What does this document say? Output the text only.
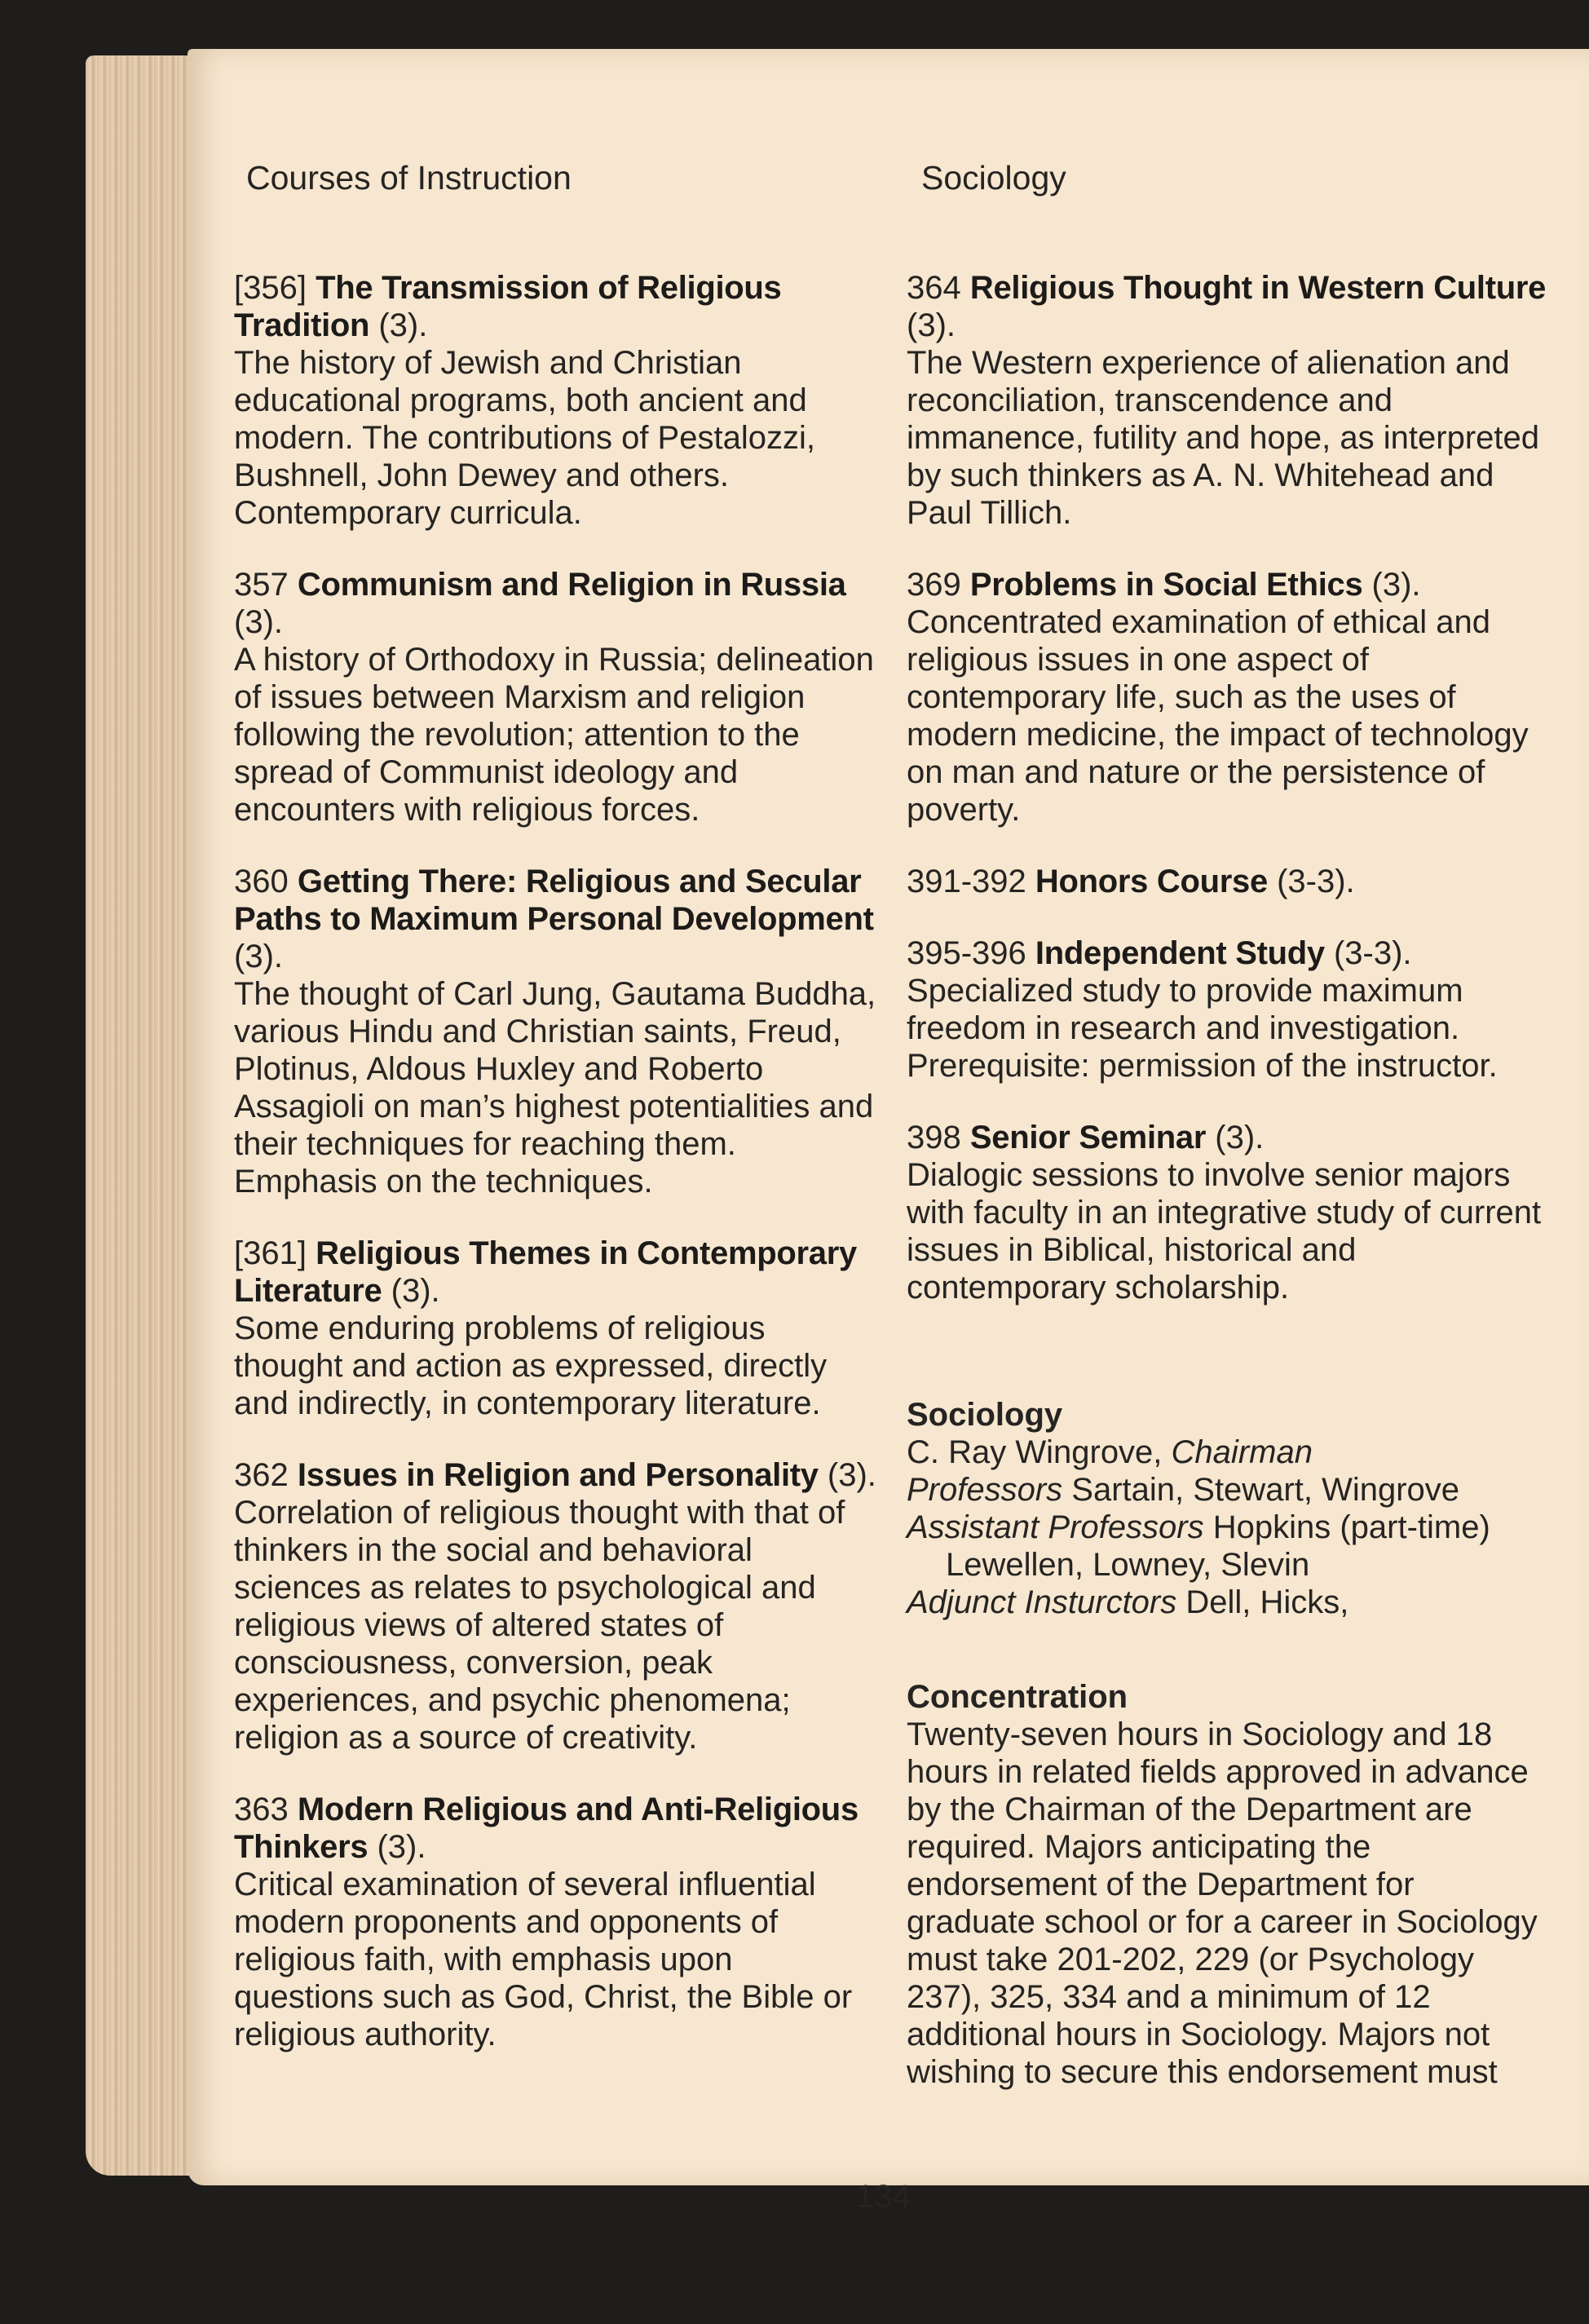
Courses of Instruction	Sociology
[356] The Transmission of Religious Tradition (3).
The history of Jewish and Christian educational programs, both ancient and modern. The contributions of Pestalozzi, Bushnell, John Dewey and others. Contemporary curricula.
357 Communism and Religion in Russia (3).
A history of Orthodoxy in Russia; delineation of issues between Marxism and religion following the revolution; attention to the spread of Communist ideology and encounters with religious forces.
360 Getting There: Religious and Secular Paths to Maximum Personal Development (3).
The thought of Carl Jung, Gautama Buddha, various Hindu and Christian saints, Freud, Plotinus, Aldous Huxley and Roberto Assagioli on man’s highest potentialities and their techniques for reaching them. Emphasis on the techniques.
[361] Religious Themes in Contemporary Literature (3).
Some enduring problems of religious thought and action as expressed, directly and indirectly, in contemporary literature.
362 Issues in Religion and Personality (3).
Correlation of religious thought with that of thinkers in the social and behavioral sciences as relates to psychological and religious views of altered states of consciousness, conversion, peak experiences, and psychic phenomena; religion as a source of creativity.
363 Modern Religious and Anti-Religious Thinkers (3).
Critical examination of several influential modern proponents and opponents of religious faith, with emphasis upon questions such as God, Christ, the Bible or religious authority.
364 Religious Thought in Western Culture (3).
The Western experience of alienation and reconciliation, transcendence and immanence, futility and hope, as interpreted by such thinkers as A. N. Whitehead and Paul Tillich.
369 Problems in Social Ethics (3).
Concentrated examination of ethical and religious issues in one aspect of contemporary life, such as the uses of modern medicine, the impact of technology on man and nature or the persistence of poverty.
391-392 Honors Course (3-3).
395-396 Independent Study (3-3).
Specialized study to provide maximum freedom in research and investigation. Prerequisite: permission of the instructor.
398 Senior Seminar (3).
Dialogic sessions to involve senior majors with faculty in an integrative study of current issues in Biblical, historical and contemporary scholarship.
Sociology
C. Ray Wingrove, Chairman
Professors Sartain, Stewart, Wingrove
Assistant Professors Hopkins (part-time)
Lewellen, Lowney, Slevin
Adjunct Insturctors Dell, Hicks,
Concentration
Twenty-seven hours in Sociology and 18 hours in related fields approved in advance by the Chairman of the Department are required. Majors anticipating the endorsement of the Department for graduate school or for a career in Sociology must take 201-202, 229 (or Psychology 237), 325, 334 and a minimum of 12 additional hours in Sociology. Majors not wishing to secure this endorsement must
134
